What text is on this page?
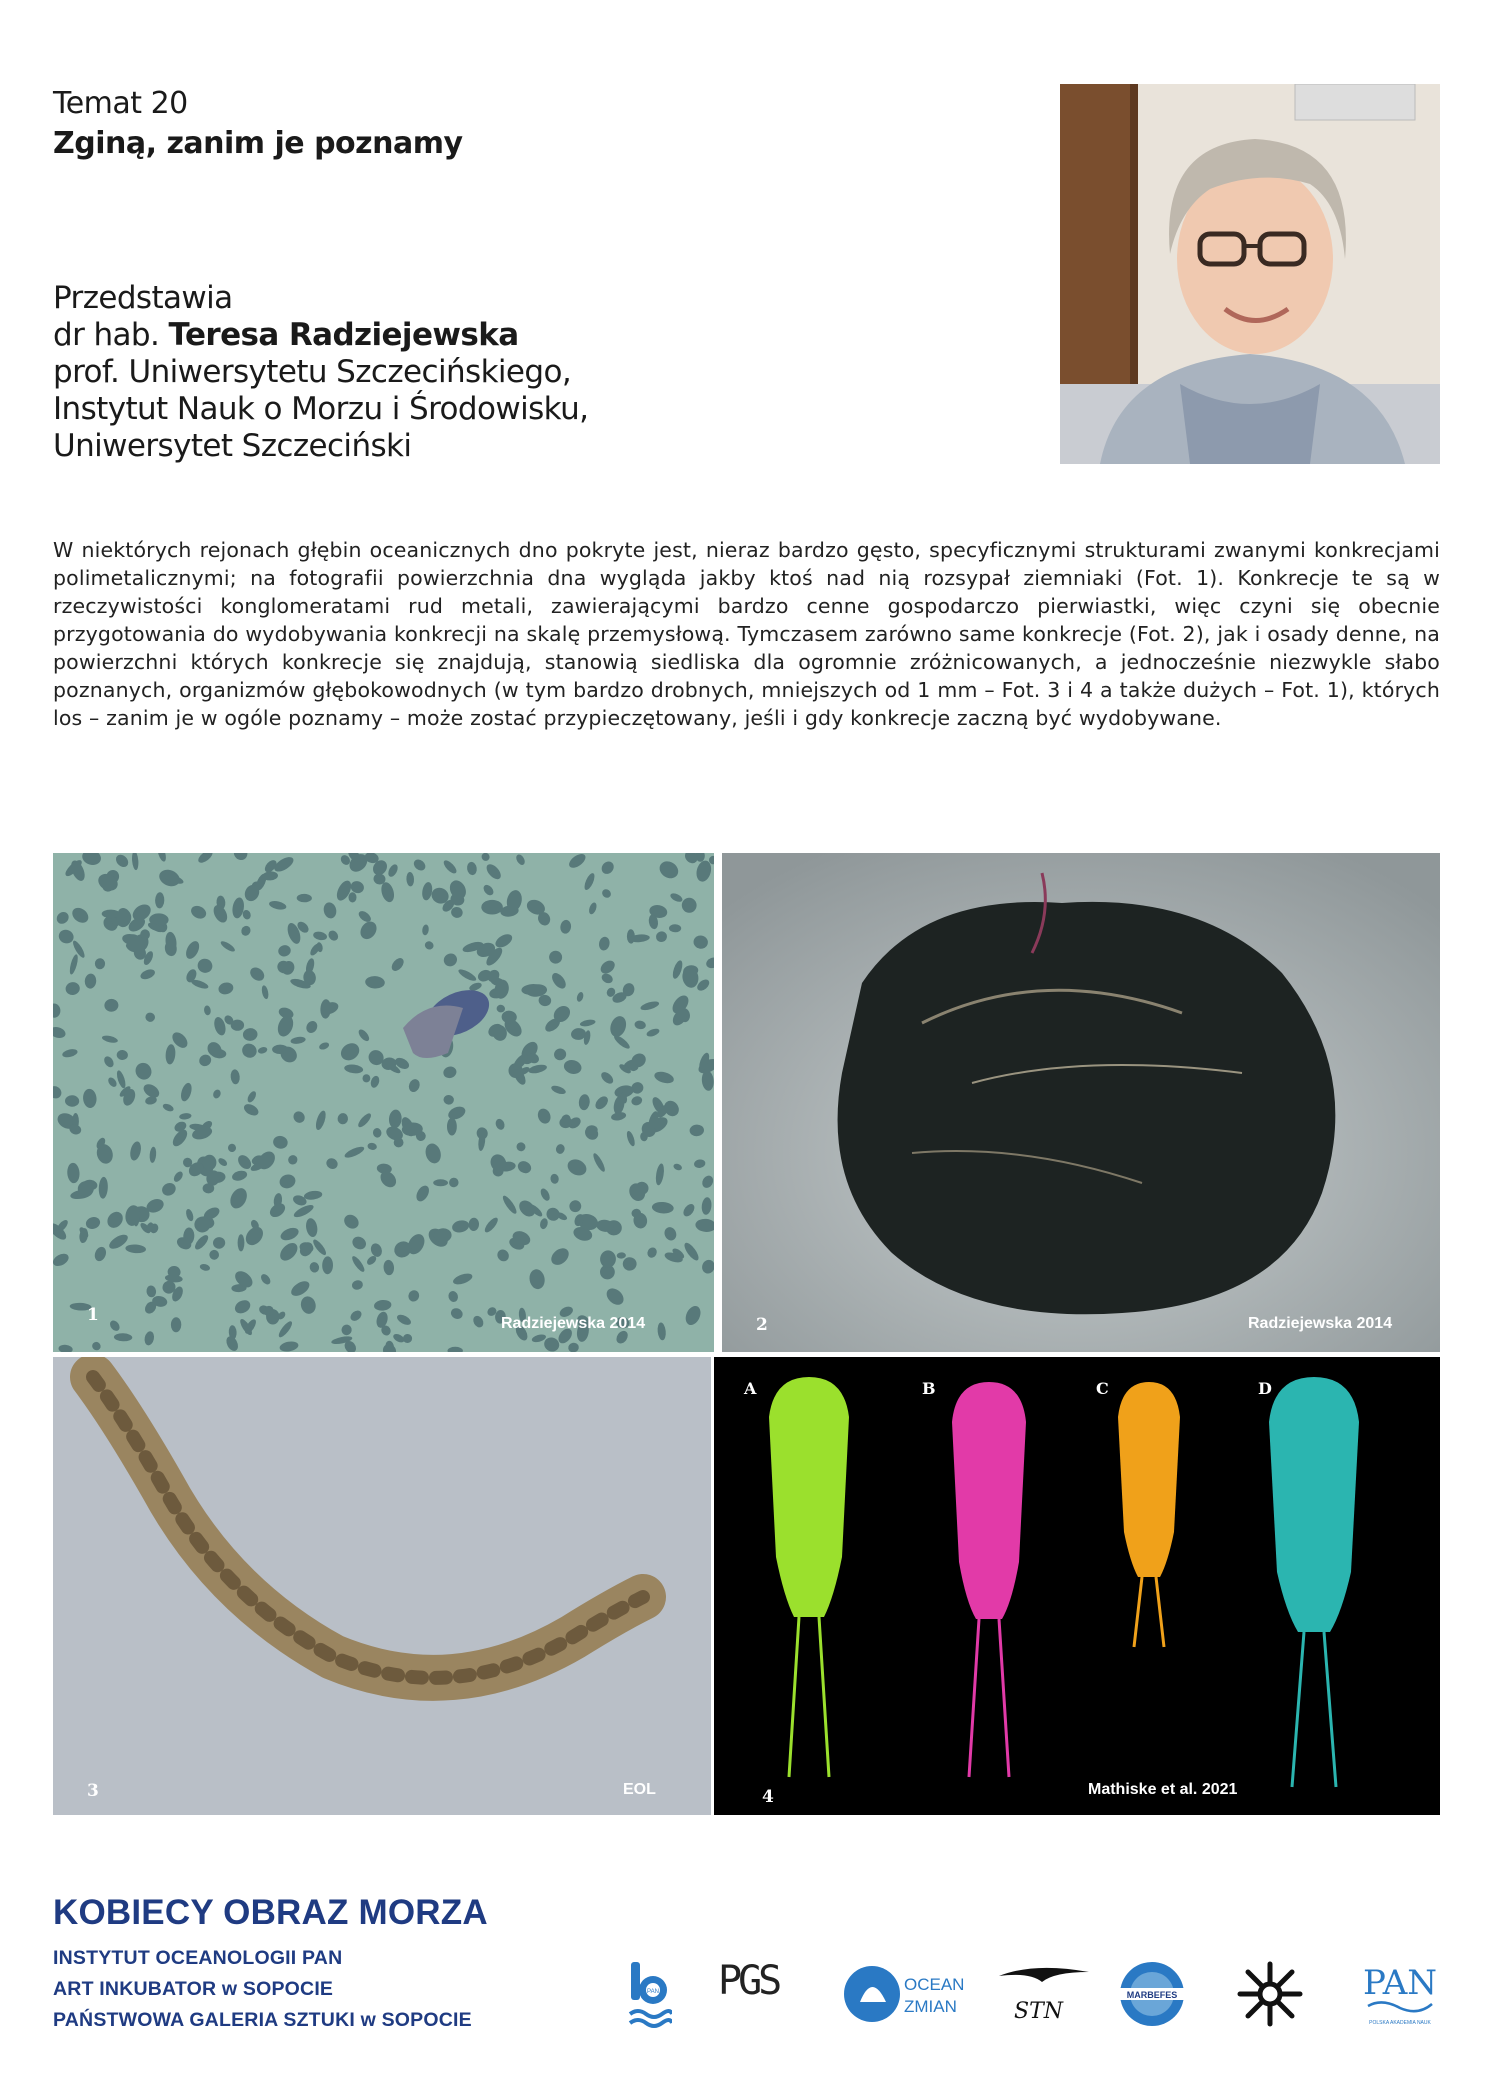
Temat 20
Zginą, zanim je poznamy
Przedstawia
dr hab. Teresa Radziejewska
prof. Uniwersytetu Szczecińskiego,
Instytut Nauk o Morzu i Środowisku,
Uniwersytet Szczeciński
W niektórych rejonach głębin oceanicznych dno pokryte jest, nieraz bardzo gęsto, specyficznymi strukturami zwanymi konkrecjami polimetalicznymi; na fotografii powierzchnia dna wygląda jakby ktoś nad nią rozsypał ziemniaki (Fot. 1). Konkrecje te są w rzeczywistości konglomeratami rud metali, zawierającymi bardzo cenne gospodarczo pierwiastki, więc czyni się obecnie przygotowania do wydobywania konkrecji na skalę przemysłową. Tymczasem zarówno same konkrecje (Fot. 2), jak i osady denne, na powierzchni których konkrecje się znajdują, stanowią siedliska dla ogromnie zróżnicowanych, a jednocześnie niezwykle słabo poznanych, organizmów głębokowodnych (w tym bardzo drobnych, mniejszych od 1 mm – Fot. 3 i 4 a także dużych – Fot. 1), których los – zanim je w ogóle poznamy – może zostać przypieczętowany, jeśli i gdy konkrecje zaczną być wydobywane.
1	Radziejewska 2014	2	Radziejewska 2014
3	EOL
A	B	C	D
4	Mathiske et al. 2021
KOBIECY OBRAZ MORZA
INSTYTUT OCEANOLOGII PAN
ART INKUBATOR w SOPOCIE
PAŃSTWOWA GALERIA SZTUKI w SOPOCIE
PAN PGS	OCEAN
ZMIAN	STN
MARBEFES	PAN
POLSKA AKADEMIA NAUK
